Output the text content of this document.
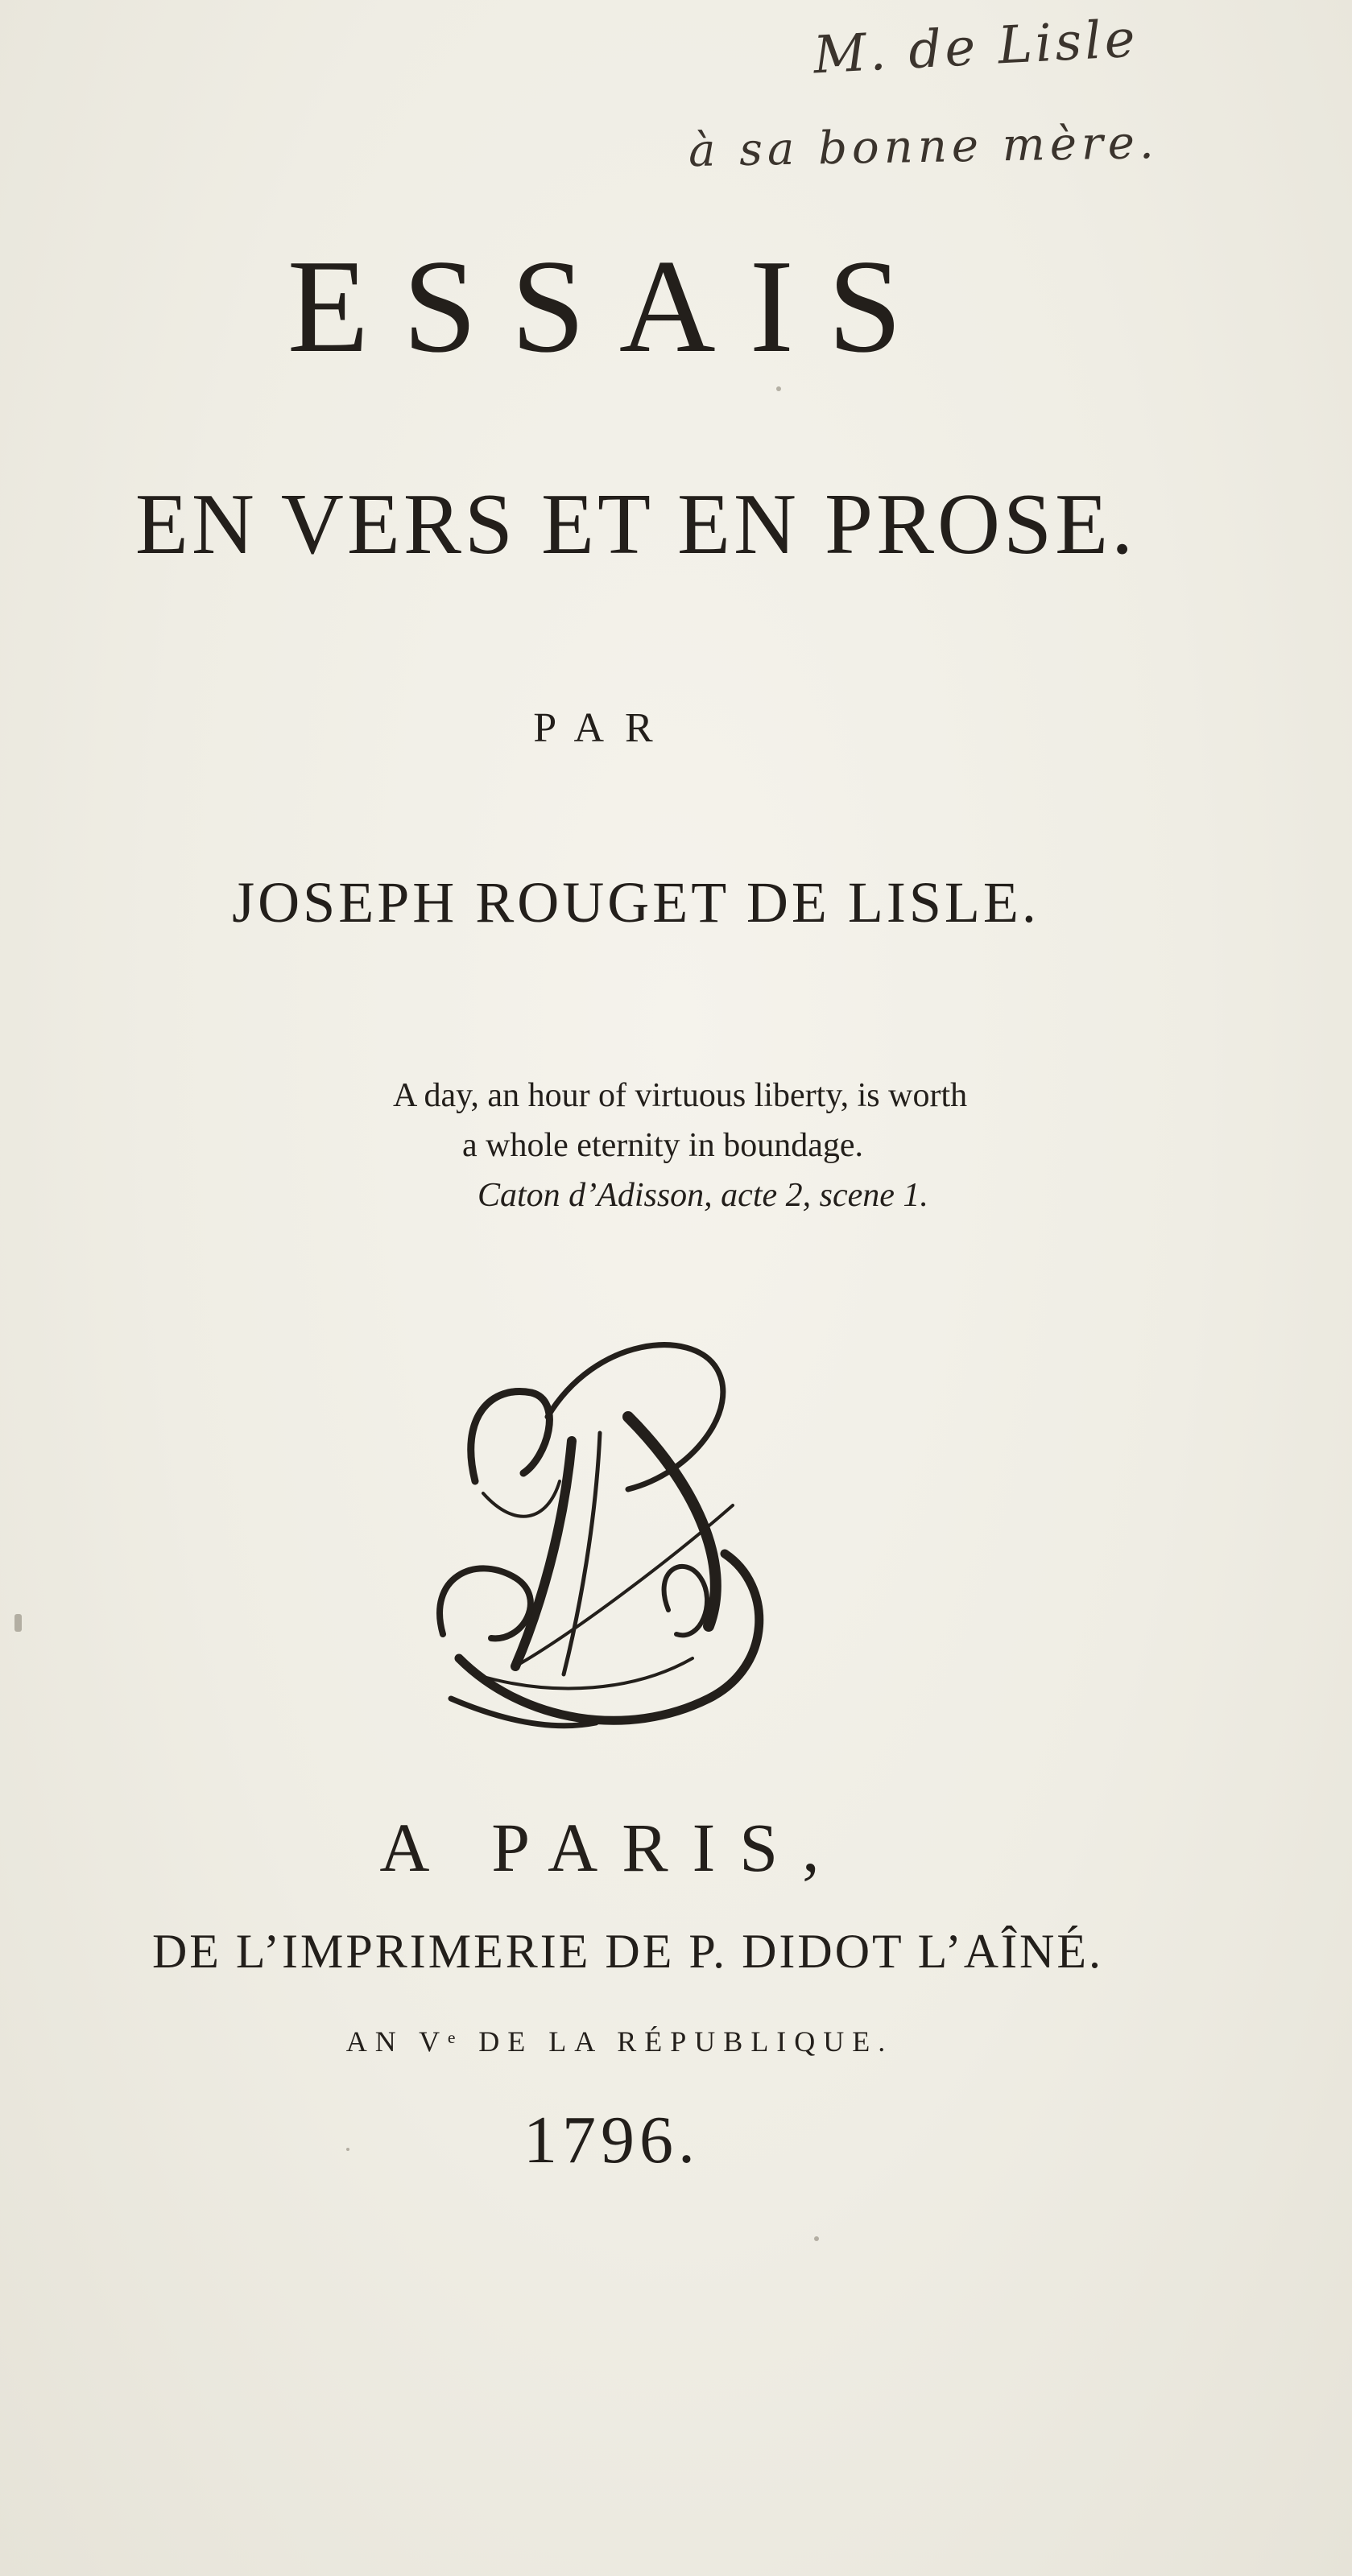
M. de Lisle
à sa bonne mère.
ESSAIS
EN VERS ET EN PROSE.
PAR
JOSEPH ROUGET DE LISLE.
A day, an hour of virtuous liberty, is worth
a whole eternity in boundage.
Caton d’Adisson, acte 2, scene 1.
A PARIS,
DE L’IMPRIMERIE DE P. DIDOT L’AÎNÉ.
AN Vᵉ DE LA RÉPUBLIQUE.
1796.
